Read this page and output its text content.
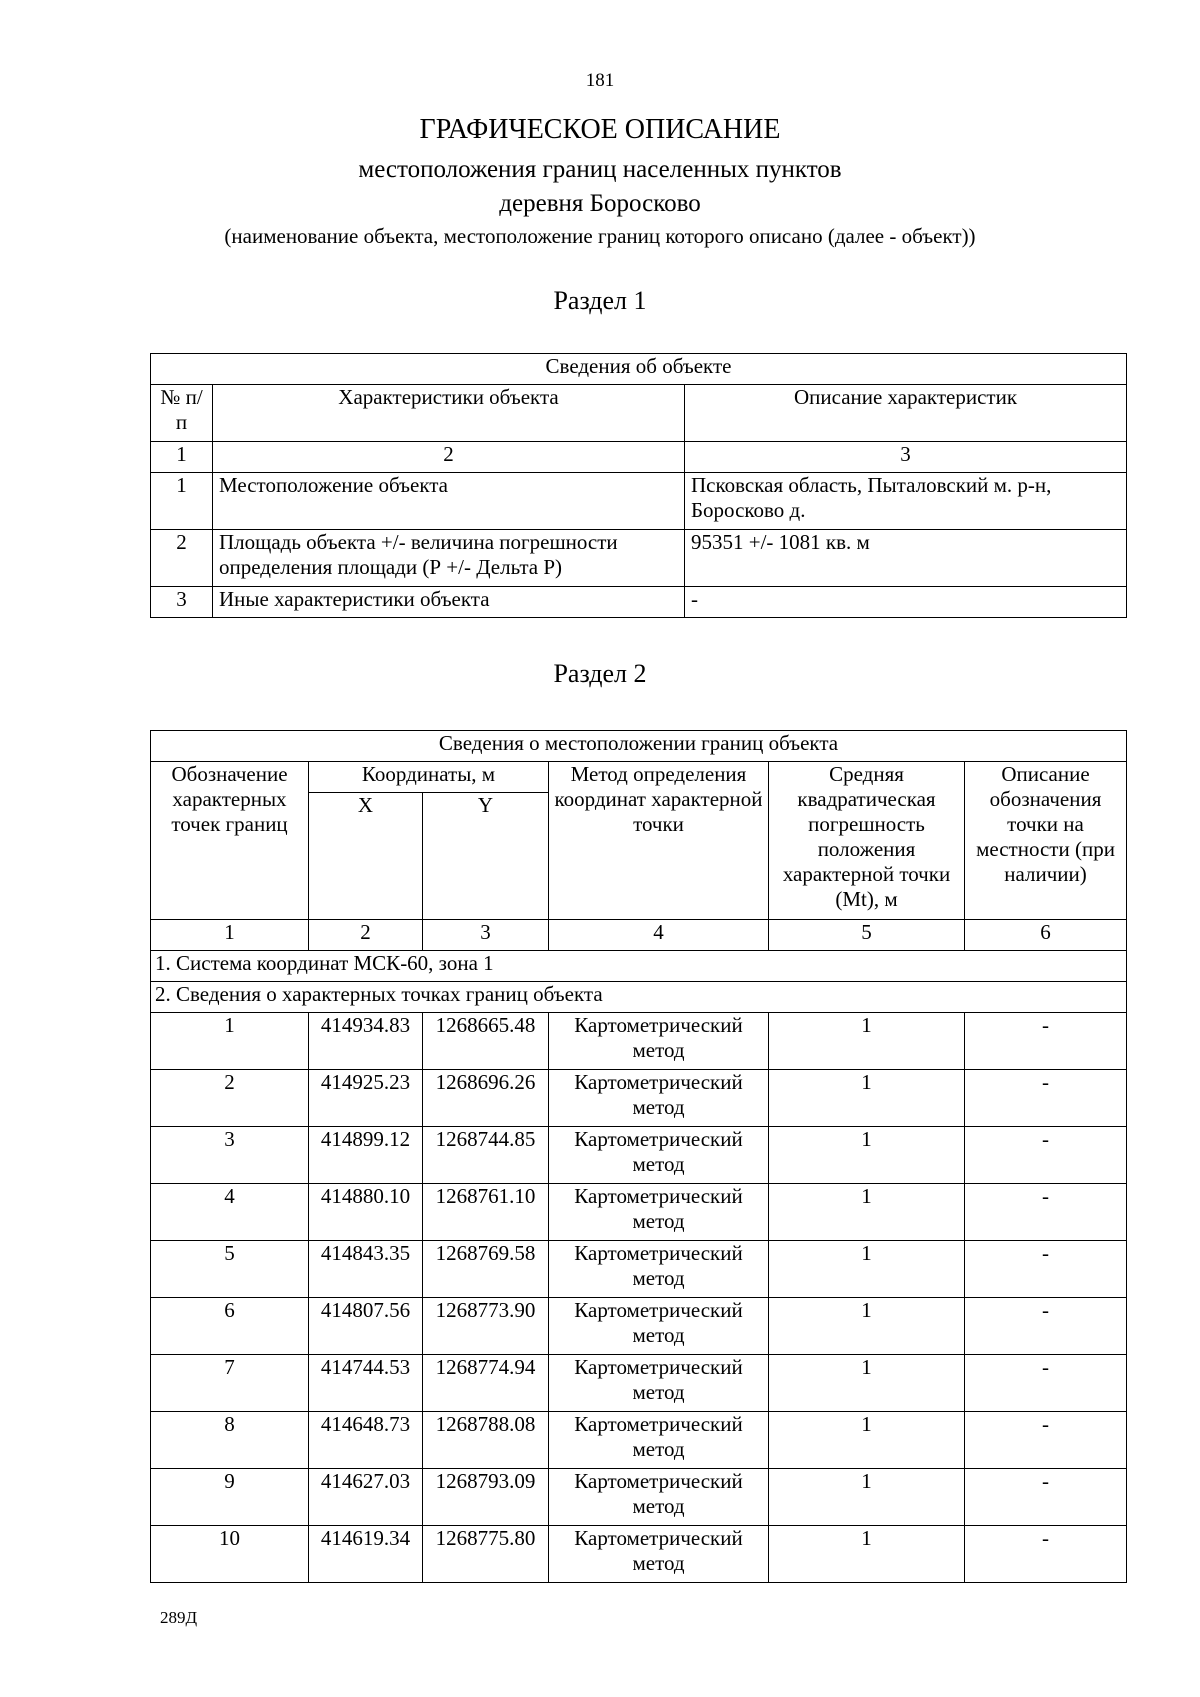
181
ГРАФИЧЕСКОЕ ОПИСАНИЕ
местоположения границ населенных пунктов
деревня Боросково
(наименование объекта, местоположение границ которого описано (далее - объект))
Раздел 1
Сведения об объекте		
№ п/п	Характеристики объекта	Описание характеристик
1	2	3
1	Местоположение объекта	Псковская область, Пыталовский м. р-н, Боросково д.
2	Площадь объекта +/- величина погрешности определения площади (Р +/- Дельта Р)	95351 +/- 1081 кв. м
3	Иные характеристики объекта	-
Раздел 2
Сведения о местоположении границ объекта					
Обозначение характерных точек границ	Координаты, м		Метод определения координат характерной точки	Средняя квадратическая погрешность положения характерной точки (Mt), м	Описание обозначения точки на местности (при наличии)
	X	Y			
1	2	3	4	5	6
1. Система координат МСК-60, зона 1					
2. Сведения о характерных точках границ объекта					
1	414934.83	1268665.48	Картометрический метод	1	-
2	414925.23	1268696.26	Картометрический метод	1	-
3	414899.12	1268744.85	Картометрический метод	1	-
4	414880.10	1268761.10	Картометрический метод	1	-
5	414843.35	1268769.58	Картометрический метод	1	-
6	414807.56	1268773.90	Картометрический метод	1	-
7	414744.53	1268774.94	Картометрический метод	1	-
8	414648.73	1268788.08	Картометрический метод	1	-
9	414627.03	1268793.09	Картометрический метод	1	-
10	414619.34	1268775.80	Картометрический метод	1	-
289Д
